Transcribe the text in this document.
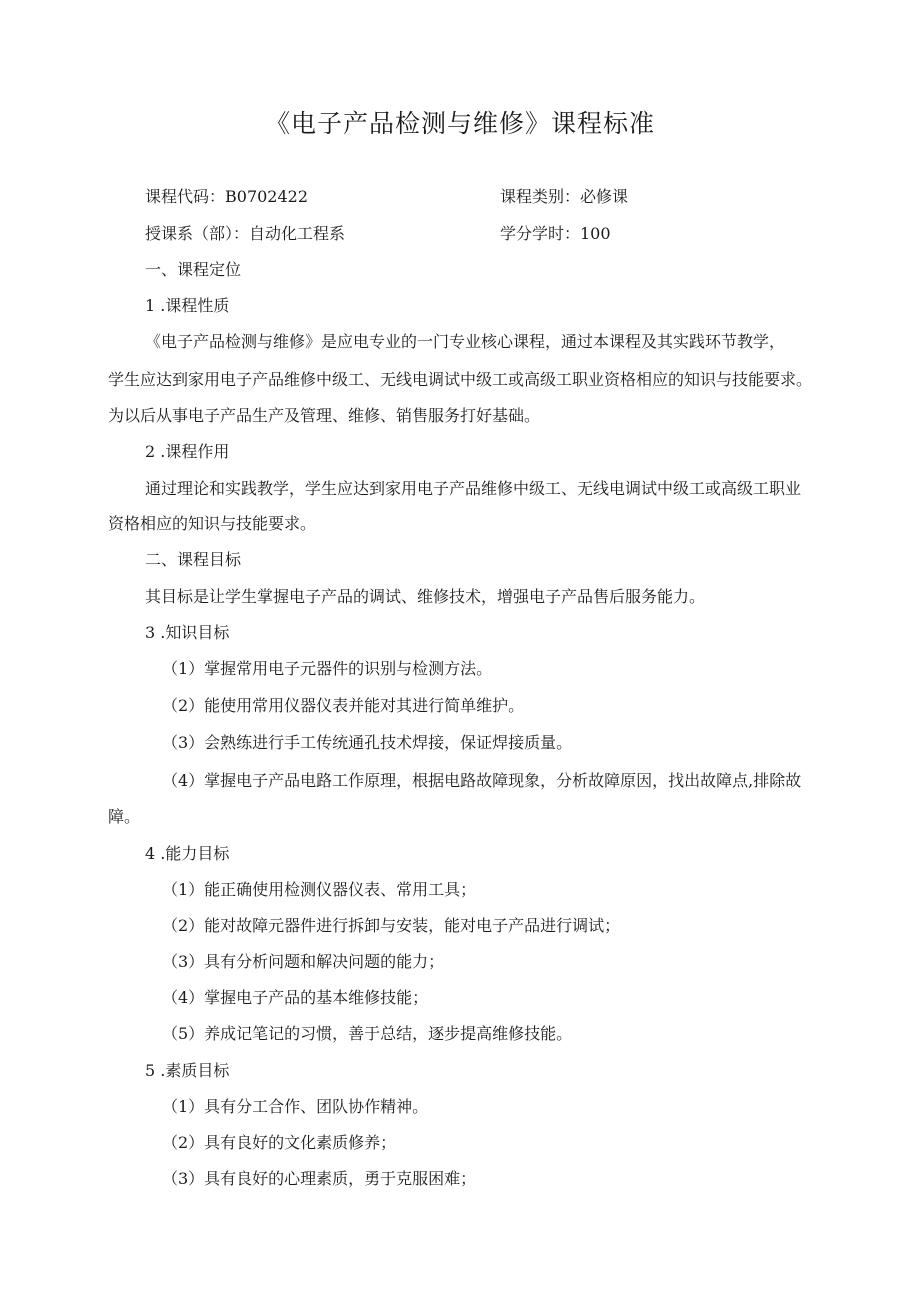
《电子产品检测与维修》课程标准
课程代码：B0702422	课程类别：必修课
授课系（部）：自动化工程系	学分学时：100
一、课程定位
1 .课程性质
《电子产品检测与维修》是应电专业的一门专业核心课程，通过本课程及其实践环节教学，
学生应达到家用电子产品维修中级工、无线电调试中级工或高级工职业资格相应的知识与技能要求。
为以后从事电子产品生产及管理、维修、销售服务打好基础。
2 .课程作用
通过理论和实践教学，学生应达到家用电子产品维修中级工、无线电调试中级工或高级工职业
资格相应的知识与技能要求。
二、课程目标
其目标是让学生掌握电子产品的调试、维修技术，增强电子产品售后服务能力。
3 .知识目标
（1）掌握常用电子元器件的识别与检测方法。
（2）能使用常用仪器仪表并能对其进行简单维护。
（3）会熟练进行手工传统通孔技术焊接，保证焊接质量。
（4）掌握电子产品电路工作原理，根据电路故障现象，分析故障原因，找出故障点,排除故
障。
4 .能力目标
（1）能正确使用检测仪器仪表、常用工具；
（2）能对故障元器件进行拆卸与安装，能对电子产品进行调试；
（3）具有分析问题和解决问题的能力；
（4）掌握电子产品的基本维修技能；
（5）养成记笔记的习惯，善于总结，逐步提高维修技能。
5 .素质目标
（1）具有分工合作、团队协作精神。
（2）具有良好的文化素质修养；
（3）具有良好的心理素质，勇于克服困难；
